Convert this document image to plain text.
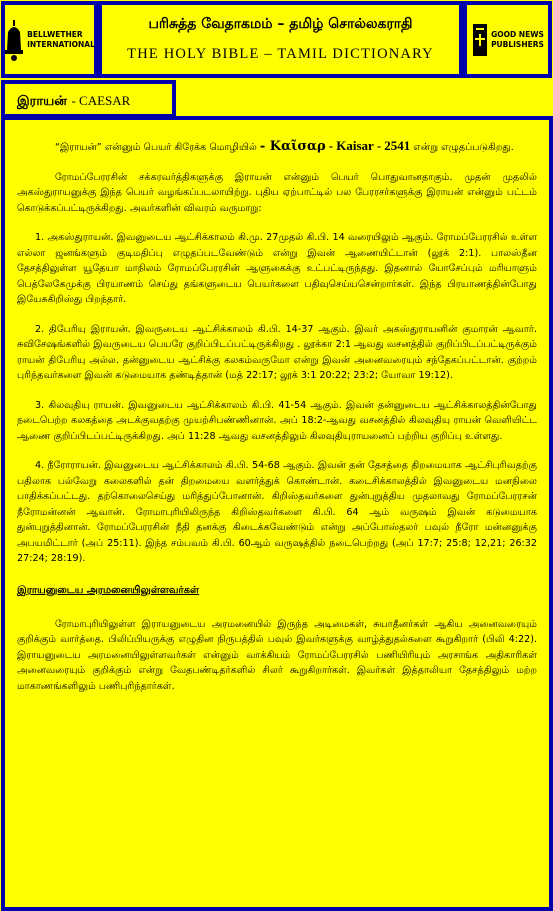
BELLWETHER
INTERNATIONAL
பரிசுத்த வேதாகமம் – தமிழ் சொல்லகராதி
THE HOLY BIBLE – TAMIL DICTIONARY
GOOD NEWS
PUBLISHERS
இராயன் - CAESAR

“இராயன்” என்னும் பெயர் கிரேக்க மொழியில் - Καῖσαρ - Kaisar - 2541 என்று எழுதப்படுகிறது.

ரோமப்பேரரசின் சக்கரவர்த்திகளுக்கு இராயன் என்னும் பெயர் பொதுவானதாகும். முதன் முதலில் அகஸ்துராயனுக்கு இந்த பெயர் வழங்கப்படலாயிற்று. புதிய ஏற்பாட்டில் பல பேரரசர்களுக்கு இராயன் என்னும் பட்டம் கொடுக்கப்பட்டிருக்கிறது. அவர்களின் விவரம் வருமாறு:

1. அகஸ்துராயன். இவனுடைய ஆட்சிக்காலம் கி.மு. 27முதல் கி.பி. 14 வரையிலும் ஆகும். ரோமப்பேரரசில் உள்ள எல்லா ஜனங்களும் குடிமதிப்பு எழுதப்படவேண்டும் என்று இவன் ஆணையிட்டான் (லூக் 2:1). பாலஸ்தீன தேசத்திலுள்ள யூதேயா மாநிலம் ரோமப்பேரரசின் ஆளுகைக்கு உட்பட்டிருந்தது. இதனால் யோசேப்பும் மரியாளும் பெத்லேகேமுக்கு பிரயாணம் செய்து தங்களுடைய பெயர்களை பதிவுசெய்யசென்றார்கள். இந்த பிரயாணத்தின்போது இயேசுகிறிஸ்து பிறந்தார்.

2. திபேரியு இராயன். இவருடைய ஆட்சிக்காலம் கி.பி. 14-37 ஆகும். இவர் அகஸ்துராயனின் குமாரன் ஆவார். சுவிசேஷங்களில் இவருடைய பெயரே குறிப்பிடப்பட்டிருக்கிறது . லூக்கா 2:1 ஆவது வசனத்தில் குறிப்பிடப்பட்டிருக்கும் ராயன் திபேரியு அல்ல. தன்னுடைய ஆட்சிக்கு கலகம்வருமோ என்று இவன் அனைவரையும் சந்தேகப்பட்டான். குற்றம் புரிந்தவர்களை இவன் கடுமையாக தண்டித்தான் (மத் 22:17; லூக் 3:1 20:22; 23:2; யோவா 19:12).

3. கிலவுதியு ராயன். இவனுடைய ஆட்சிக்காலம் கி.பி. 41-54 ஆகும். இவன் தன்னுடைய ஆட்சிக்காலத்தின்போது நடைபெற்ற கலகத்தை அடக்குவதற்கு முயற்சிபண்ணினான். அப் 18:2-ஆவது வசனத்தில் கிலவுதியு ராயன் வெளியிட்ட ஆணை குறிப்பிடப்பட்டிருக்கிறது. அப் 11:28 ஆவது வசனத்திலும் கிலவுதியுராயனைப் பற்றிய குறிப்பு உள்ளது.

4. நீரோராயன். இவனுடைய ஆட்சிக்காலம் கி.பி. 54-68 ஆகும். இவன் தன் தேசத்தை திறமையாக ஆட்சிபுரிவதற்கு பதிலாக பல்வேறு கலைகளில் தன் திறமையை வளர்த்துக் கொண்டான். கடைசிக்காலத்தில் இவனுடைய மனநிலை பாதிக்கப்பட்டது. தற்கொலைசெய்து மரித்துப்போனான். கிறிஸ்தவர்களை துன்புறுத்திய முதலாவது ரோமப்பேரரசன் நீரோமன்னன் ஆவான். ரோமாபுரியிலிருந்த கிறிஸ்தவர்களை கி.பி. 64 ஆம் வருஷம் இவன் கடுமையாக துன்புறுத்தினான். ரோமப்பேரரசின் நீதி தனக்கு கிடைக்கவேண்டும் என்று அப்போஸ்தலர் பவுல் நீரோ மன்னனுக்கு அபயமிட்டார் (அப் 25:11). இந்த சம்பவம் கி.பி. 60ஆம் வருஷத்தில் நடைபெற்றது (அப் 17:7; 25:8; 12,21; 26:32 27:24; 28:19).

இராயனுடைய அரமனையிலுள்ளவர்கள்

ரோமாபுரியிலுள்ள இராயனுடைய அரமனையில் இருந்த அடிமைகள், சுயாதீனர்கள் ஆகிய அனைவரையும் குறிக்கும் வார்த்தை. பிலிப்பியருக்கு எழுதின நிருபத்தில் பவுல் இவர்களுக்கு வாழ்த்துதல்களை கூறுகிறார் (பிலி 4:22). இராயனுடைய அரமனையிலுள்ளவர்கள் என்னும் வாக்கியம் ரோமப்பேரரசில் பணியிரியும் அரசாங்க அதிகாரிகள் அனைவரையும் குறிக்கும் என்று வேதபண்டிதர்களில் சிலர் கூறுகிறார்கள். இவர்கள் இத்தாலியா தேசத்திலும் மற்ற மாகாணங்களிலும் பணிபுரிந்தார்கள்.
